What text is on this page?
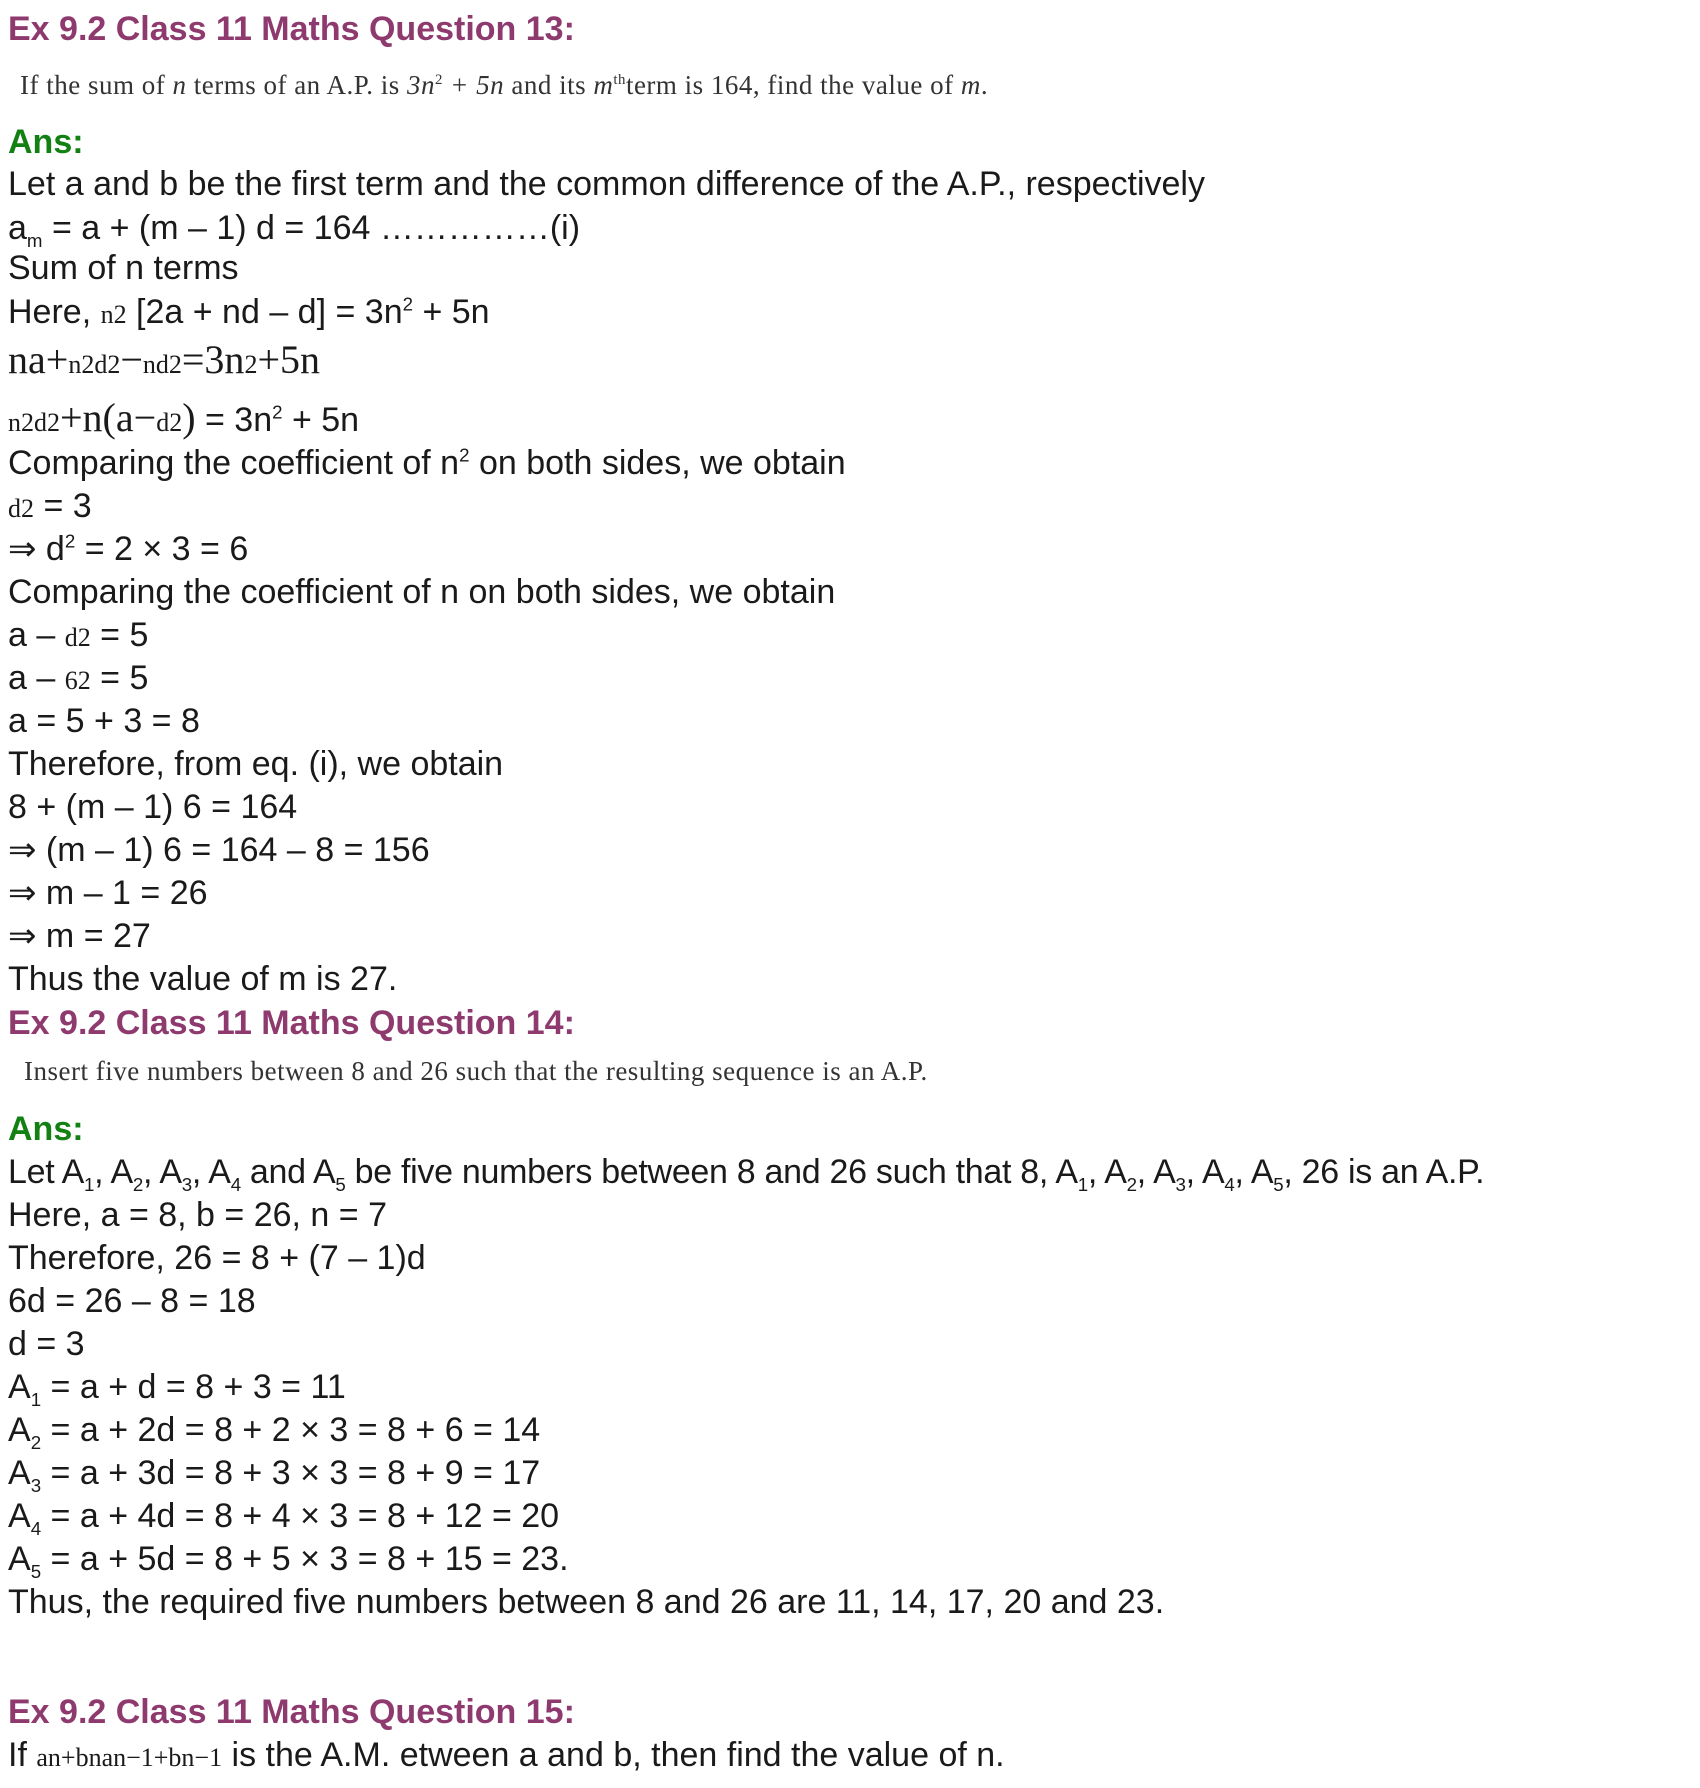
Ex 9.2 Class 11 Maths Question 13:
If the sum of n terms of an A.P. is $3n^2 + 5n$ and its $m^{th}term$ is 164, find the value of m.
Ans:
Let a and b be the first term and the common difference of the A.P., respectively
$a_m = a + (m - 1) d = 164$ ……………(i)
Sum of n terms
Here, n2 [2a + nd – $d] = 3n^2 + 5n$
na+n2d2−nd2=3n2+5n
$n2d2+n(a-d2) = 3n^2 + 5n$
Comparing the coefficient of $n^2$ on both sides, we obtain
d2 = 3
⇒ $d^2 = 2 \times 3 = 6$
Comparing the coefficient of n on both sides, we obtain
a – d2 = 5
a – 62 = 5
a = 5 + 3 = 8
Therefore, from eq. (i), we obtain
8 + (m – 1) 6 = 164
⇒ (m – 1) 6 = 164 – 8 = 156
⇒ m – 1 = 26
⇒ m = 27
Thus the value of m is 27.
Ex 9.2 Class 11 Maths Question 14:
Insert five numbers between 8 and 26 such that the resulting sequence is an A.P.
Ans:
Let $A_1$, $A_2$, $A_3$, $A_4$ and $A_5$ be five numbers between 8 and 26 such that 8, $A_1$, $A_2$, $A_3$, $A_4$, $A_5$, 26 is an A.P.
Here, a = 8, b = 26, n = 7
Therefore, 26 = 8 + (7 – 1)d
6d = 26 – 8 = 18
d = 3
$A_1 = a + d = 8 + 3 = 11$
$A_2 = a + 2d = 8 + 2 \times 3 = 8 + 6 = 14$
$A_3 = a + 3d = 8 + 3 \times 3 = 8 + 9 = 17$
$A_4 = a + 4d = 8 + 4 \times 3 = 8 + 12 = 20$
$A_5 = a + 5d = 8 + 5 \times 3 = 8 + 15 = 23$.
Thus, the required five numbers between 8 and 26 are 11, 14, 17, 20 and 23.
Ex 9.2 Class 11 Maths Question 15:
If an+bnan−1+bn−1 is the A.M. etween a and b, then find the value of n.
